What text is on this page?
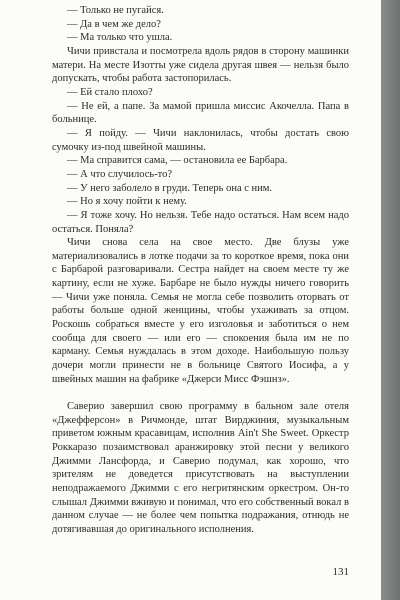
— Только не пугайся.

— Да в чем же дело?

— Ма только что ушла.

Чичи привстала и посмотрела вдоль рядов в сторону машинки матери. На месте Изотты уже сидела другая швея — нельзя было допускать, чтобы работа застопорилась.

— Ей стало плохо?

— Не ей, а папе. За мамой пришла миссис Акочелла. Папа в больнице.

— Я пойду. — Чичи наклонилась, чтобы достать свою сумочку из-под швейной машины.

— Ма справится сама, — остановила ее Барбара.

— А что случилось-то?

— У него заболело в груди. Теперь она с ним.

— Но я хочу пойти к нему.

— Я тоже хочу. Но нельзя. Тебе надо остаться. Нам всем надо остаться. Поняла?

Чичи снова села на свое место. Две блузы уже материализовались в лотке подачи за то короткое время, пока они с Барбарой разговаривали. Сестра найдет на своем месте ту же картину, если не хуже. Барбаре не было нужды ничего говорить — Чичи уже поняла. Семья не могла себе позволить оторвать от работы больше одной женщины, чтобы ухаживать за отцом. Роскошь собраться вместе у его изголовья и заботиться о нем сообща для своего — или его — спокоения была им не по карману. Семья нуждалась в этом доходе. Наибольшую пользу дочери могли принести не в больнице Святого Иосифа, а у швейных машин на фабрике «Джерси Мисс Фэшнз».

Саверио завершил свою программу в бальном зале отеля «Джефферсон» в Ричмонде, штат Вирджиния, музыкальным приветом южным красавицам, исполнив Ain't She Sweet. Оркестр Роккаразо позаимствовал аранжировку этой песни у великого Джимми Лансфорда, и Саверио подумал, как хорошо, что зрителям не доведется присутствовать на выступлении неподражаемого Джимми с его негритянским оркестром. Он-то слышал Джимми вживую и понимал, что его собственный вокал в данном случае — не более чем попытка подражания, отнюдь не дотягивавшая до оригинального исполнения.

131
